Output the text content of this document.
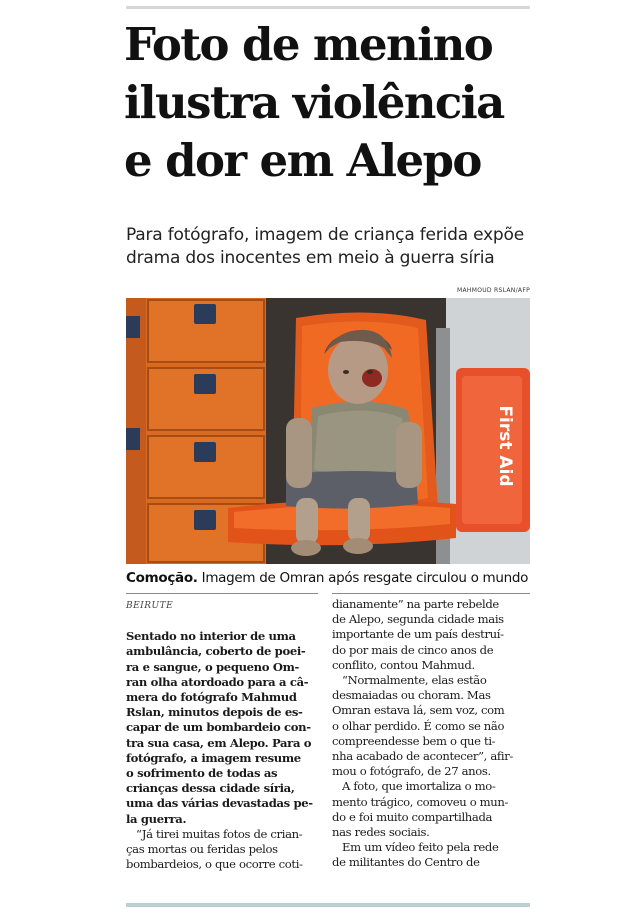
Foto de menino
ilustra violência
e dor em Alepo

Para fotógrafo, imagem de criança ferida expõe
drama dos inocentes em meio à guerra síria

MAHMOUD RSLAN/AFP
First Aid

Comoção. Imagem de Omran após resgate circulou o mundo

BEIRUTE
Sentado no interior de uma
ambulância, coberto de poei-
ra e sangue, o pequeno Om-
ran olha atordoado para a câ-
mera do fotógrafo Mahmud
Rslan, minutos depois de es-
capar de um bombardeio con-
tra sua casa, em Alepo. Para o
fotógrafo, a imagem resume
o sofrimento de todas as
crianças dessa cidade síria,
uma das várias devastadas pe-
la guerra.
“Já tirei muitas fotos de crian-
ças mortas ou feridas pelos
bombardeios, o que ocorre coti-
dianamente” na parte rebelde
de Alepo, segunda cidade mais
importante de um país destruí-
do por mais de cinco anos de
conflito, contou Mahmud.
“Normalmente, elas estão
desmaiadas ou choram. Mas
Omran estava lá, sem voz, com
o olhar perdido. É como se não
compreendesse bem o que ti-
nha acabado de acontecer”, afir-
mou o fotógrafo, de 27 anos.
A foto, que imortaliza o mo-
mento trágico, comoveu o mun-
do e foi muito compartilhada
nas redes sociais.
Em um vídeo feito pela rede
de militantes do Centro de
